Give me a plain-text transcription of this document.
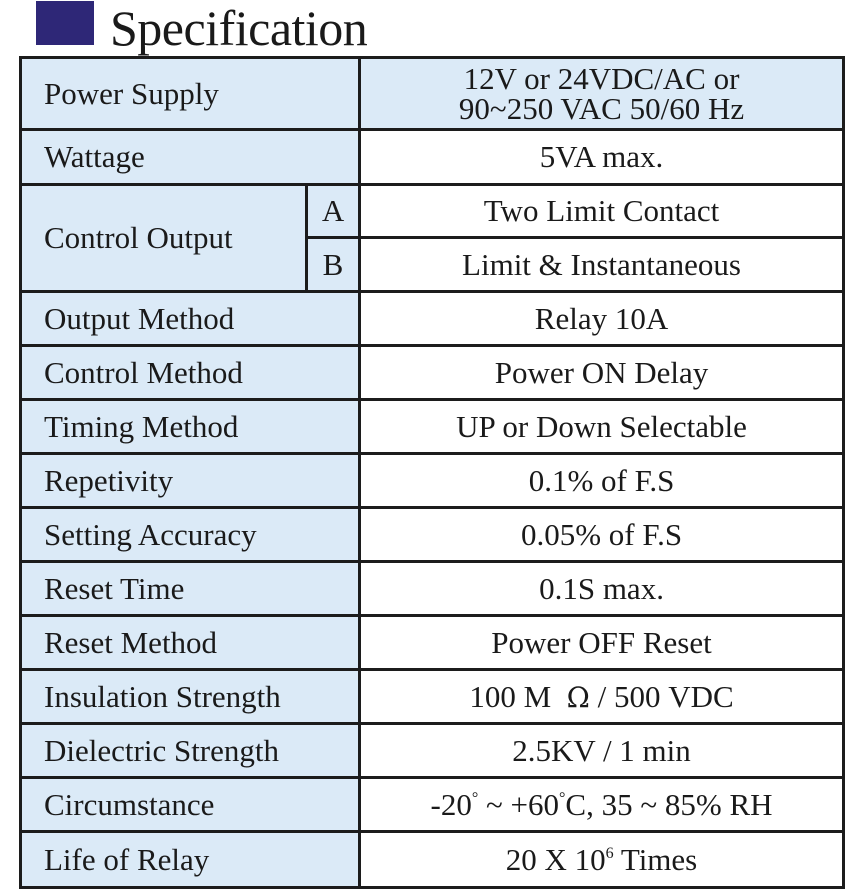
Specification
Power Supply		12V or 24VDC/AC or
90~250 VAC 50/60 Hz

Wattage		5VA max.
Control Output	A	Two Limit Contact
	B	Limit & Instantaneous
Output Method		Relay 10A
Control Method		Power ON Delay
Timing Method		UP or Down Selectable
Repetivity		0.1% of F.S
Setting Accuracy		0.05% of F.S
Reset Time		0.1S max.
Reset Method		Power OFF Reset
Insulation Strength		100 M Ω / 500 VDC
Dielectric Strength		2.5KV / 1 min
Circumstance		-20° ~ +60°C, 35 ~ 85% RH
Life of Relay		20 X $10^6$ Times
